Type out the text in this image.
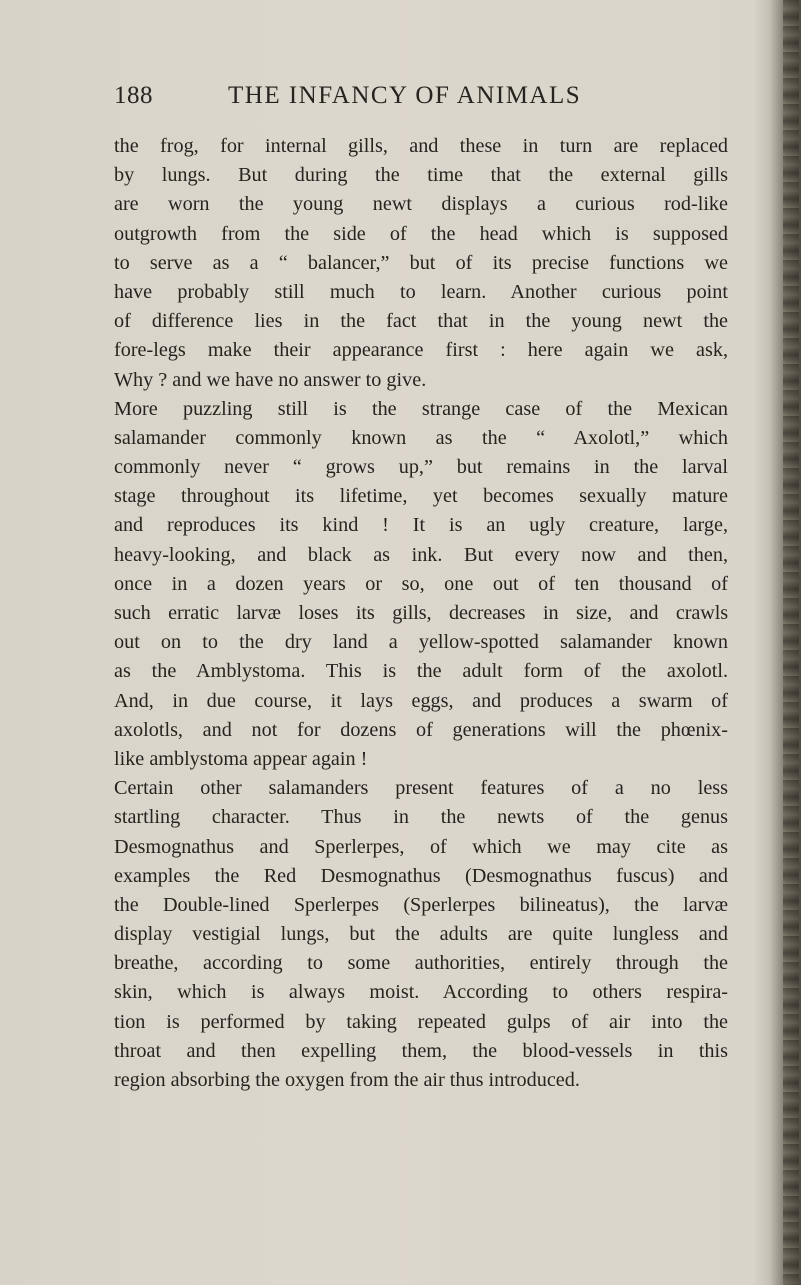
188	THE INFANCY OF ANIMALS
the frog, for internal gills, and these in turn are replaced
by lungs. But during the time that the external gills
are worn the young newt displays a curious rod-like
outgrowth from the side of the head which is supposed
to serve as a “ balancer,” but of its precise functions we
have probably still much to learn. Another curious point
of difference lies in the fact that in the young newt the
fore-legs make their appearance first : here again we ask,
Why ? and we have no answer to give.
More puzzling still is the strange case of the Mexican
salamander commonly known as the “ Axolotl,” which
commonly never “ grows up,” but remains in the larval
stage throughout its lifetime, yet becomes sexually mature
and reproduces its kind ! It is an ugly creature, large,
heavy-looking, and black as ink. But every now and then,
once in a dozen years or so, one out of ten thousand of
such erratic larvæ loses its gills, decreases in size, and crawls
out on to the dry land a yellow-spotted salamander known
as the Amblystoma. This is the adult form of the axolotl.
And, in due course, it lays eggs, and produces a swarm of
axolotls, and not for dozens of generations will the phœnix-
like amblystoma appear again !
Certain other salamanders present features of a no less
startling character. Thus in the newts of the genus
Desmognathus and Sperlerpes, of which we may cite as
examples the Red Desmognathus (Desmognathus fuscus) and
the Double-lined Sperlerpes (Sperlerpes bilineatus), the larvæ
display vestigial lungs, but the adults are quite lungless and
breathe, according to some authorities, entirely through the
skin, which is always moist. According to others respira-
tion is performed by taking repeated gulps of air into the
throat and then expelling them, the blood-vessels in this
region absorbing the oxygen from the air thus introduced.
